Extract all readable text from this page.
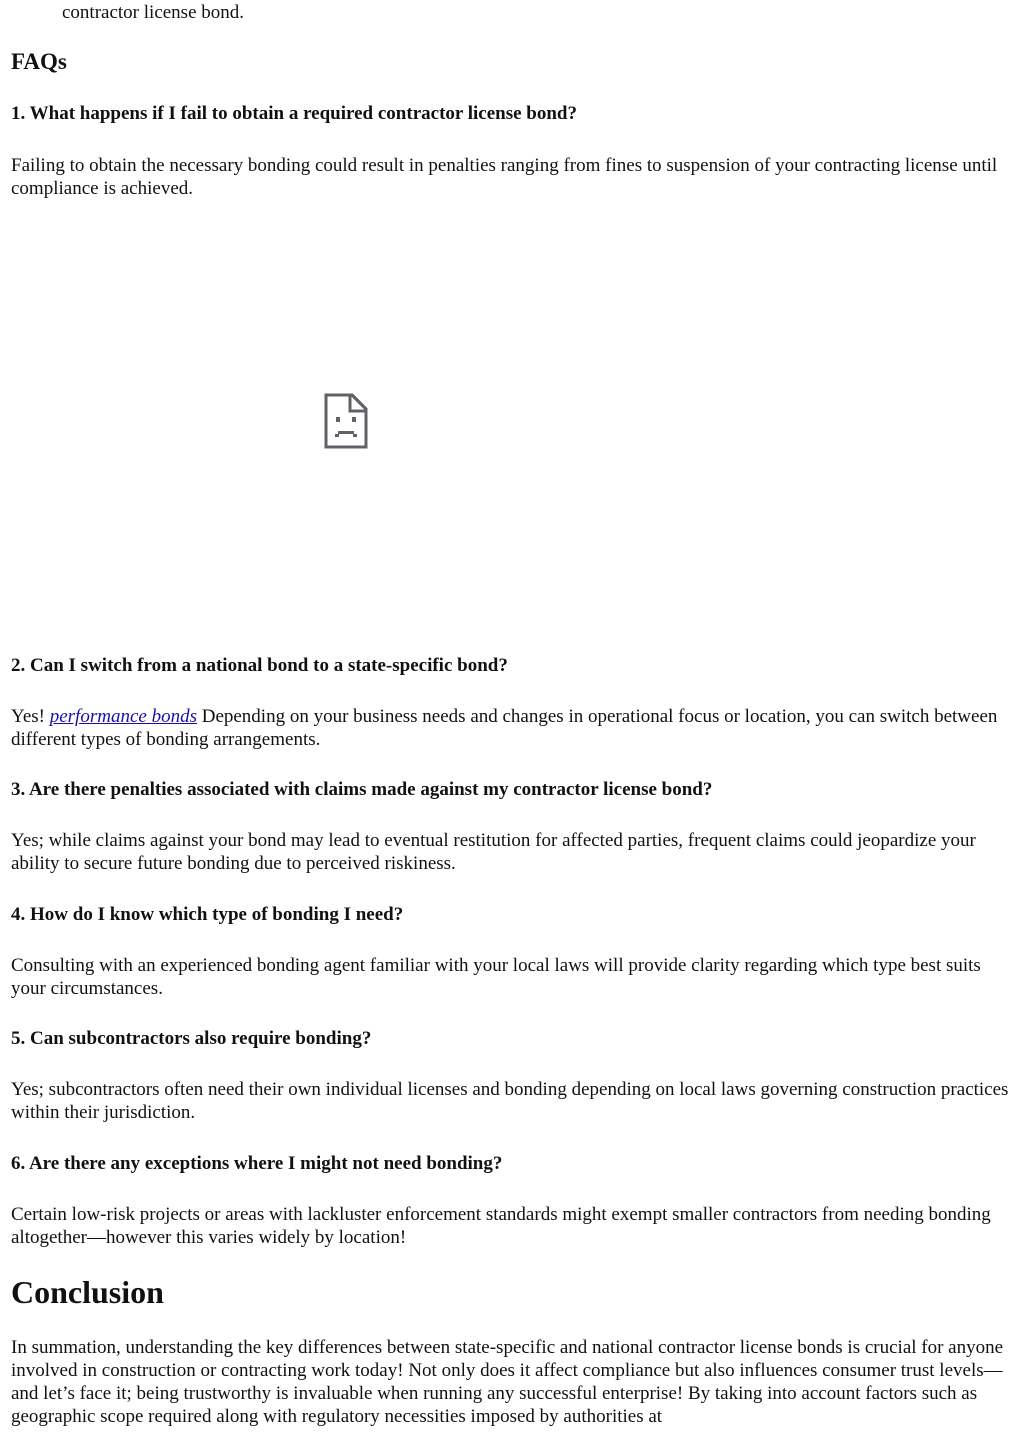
contractor license bond.

FAQs
1. What happens if I fail to obtain a required contractor license bond?

Failing to obtain the necessary bonding could result in penalties ranging from fines to suspension of your contracting license until compliance is achieved.

2. Can I switch from a national bond to a state-specific bond?

Yes! performance bonds Depending on your business needs and changes in operational focus or location, you can switch between different types of bonding arrangements.

3. Are there penalties associated with claims made against my contractor license bond?

Yes; while claims against your bond may lead to eventual restitution for affected parties, frequent claims could jeopardize your ability to secure future bonding due to perceived riskiness.

4. How do I know which type of bonding I need?

Consulting with an experienced bonding agent familiar with your local laws will provide clarity regarding which type best suits your circumstances.

5. Can subcontractors also require bonding?

Yes; subcontractors often need their own individual licenses and bonding depending on local laws governing construction practices within their jurisdiction.

6. Are there any exceptions where I might not need bonding?

Certain low-risk projects or areas with lackluster enforcement standards might exempt smaller contractors from needing bonding altogether—however this varies widely by location!

Conclusion

In summation, understanding the key differences between state-specific and national contractor license bonds is crucial for anyone involved in construction or contracting work today! Not only does it affect compliance but also influences consumer trust levels—and let’s face it; being trustworthy is invaluable when running any successful enterprise! By taking into account factors such as geographic scope required along with regulatory necessities imposed by authorities at
